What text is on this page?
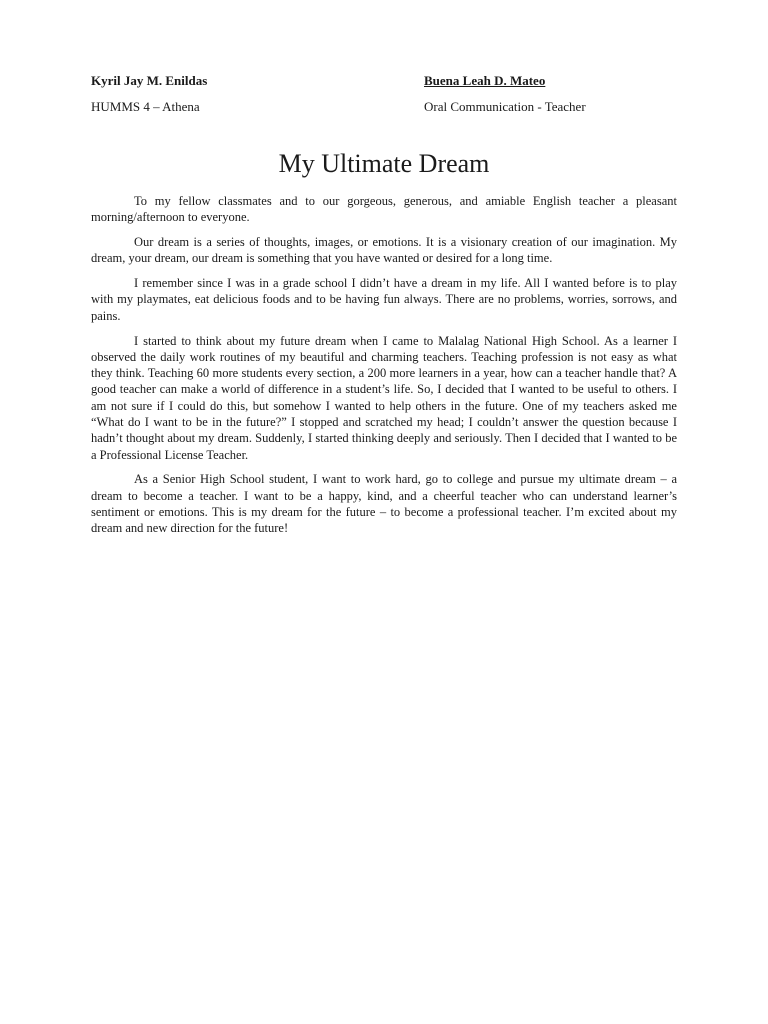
Kyril Jay M. Enildas	Buena Leah D. Mateo
HUMMS 4 – Athena	Oral Communication - Teacher
My Ultimate Dream

To my fellow classmates and to our gorgeous, generous, and amiable English teacher a pleasant morning/afternoon to everyone.

Our dream is a series of thoughts, images, or emotions. It is a visionary creation of our imagination. My dream, your dream, our dream is something that you have wanted or desired for a long time.

I remember since I was in a grade school I didn’t have a dream in my life. All I wanted before is to play with my playmates, eat delicious foods and to be having fun always. There are no problems, worries, sorrows, and pains.

I started to think about my future dream when I came to Malalag National High School. As a learner I observed the daily work routines of my beautiful and charming teachers. Teaching profession is not easy as what they think. Teaching 60 more students every section, a 200 more learners in a year, how can a teacher handle that? A good teacher can make a world of difference in a student’s life. So, I decided that I wanted to be useful to others. I am not sure if I could do this, but somehow I wanted to help others in the future. One of my teachers asked me “What do I want to be in the future?” I stopped and scratched my head; I couldn’t answer the question because I hadn’t thought about my dream. Suddenly, I started thinking deeply and seriously. Then I decided that I wanted to be a Professional License Teacher.

As a Senior High School student, I want to work hard, go to college and pursue my ultimate dream – a dream to become a teacher. I want to be a happy, kind, and a cheerful teacher who can understand learner’s sentiment or emotions. This is my dream for the future – to become a professional teacher. I’m excited about my dream and new direction for the future!
